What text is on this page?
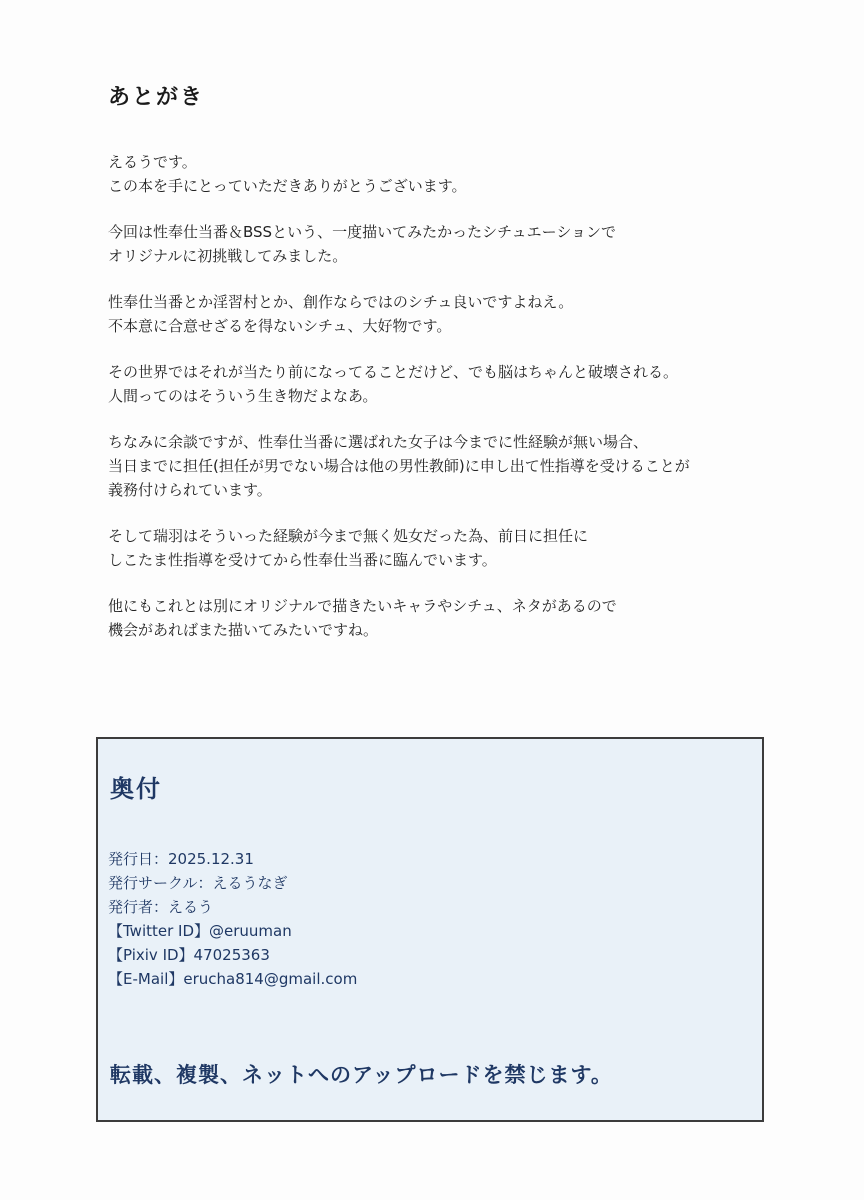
あとがき
えるうです。
この本を手にとっていただきありがとうございます。
今回は性奉仕当番＆BSSという、一度描いてみたかったシチュエーションで
オリジナルに初挑戦してみました。
性奉仕当番とか淫習村とか、創作ならではのシチュ良いですよねえ。
不本意に合意せざるを得ないシチュ、大好物です。
その世界ではそれが当たり前になってることだけど、でも脳はちゃんと破壊される。
人間ってのはそういう生き物だよなあ。
ちなみに余談ですが、性奉仕当番に選ばれた女子は今までに性経験が無い場合、
当日までに担任(担任が男でない場合は他の男性教師)に申し出て性指導を受けることが
義務付けられています。
そして瑞羽はそういった経験が今まで無く処女だった為、前日に担任に
しこたま性指導を受けてから性奉仕当番に臨んでいます。
他にもこれとは別にオリジナルで描きたいキャラやシチュ、ネタがあるので
機会があればまた描いてみたいですね。
奥付
発行日：2025.12.31
発行サークル：えるうなぎ
発行者：えるう
【Twitter ID】@eruuman
【Pixiv ID】47025363
【E-Mail】erucha814@gmail.com
転載、複製、ネットへのアップロードを禁じます。
